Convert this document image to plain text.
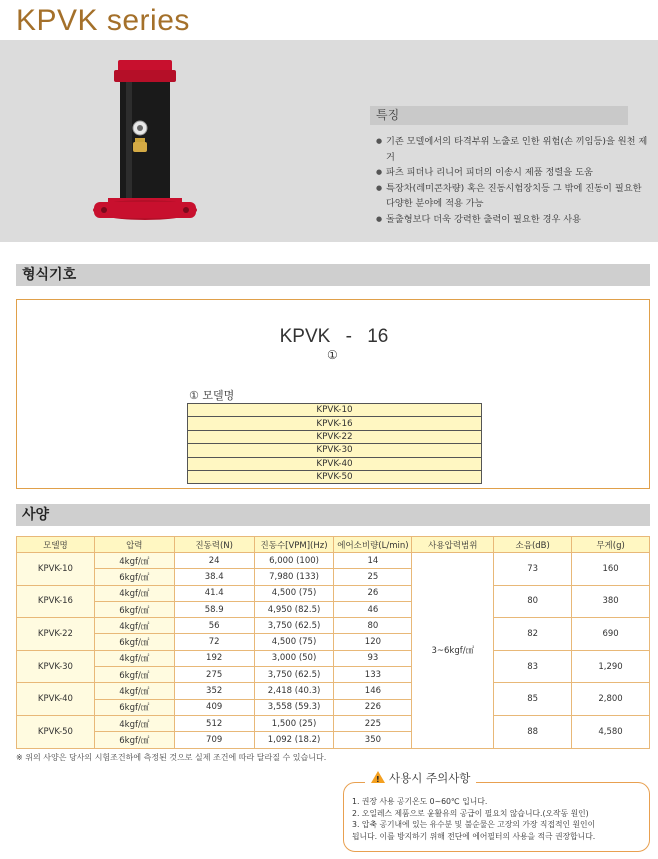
KPVK series
특징
● 기존 모델에서의 타격부위 노출로 인한 위험(손 끼임등)을 원천 제거
● 파츠 피더나 리니어 피더의 이송시 제품 정렬을 도움
● 특장차(레미콘차량) 혹은 진동시험장치등 그 밖에 진동이 필요한 다양한 분야에 적용 가능
● 돌출형보다 더욱 강력한 출력이 필요한 경우 사용
형식기호
KPVK - 16
①
① 모델명
KPVK-10
KPVK-16
KPVK-22
KPVK-30
KPVK-40
KPVK-50
사양
모델명	압력	진동력(N)	진동수[VPM](Hz)	에어소비량(L/min)	사용압력범위	소음(dB)	무게(g)
KPVK-10	4kgf/㎠	24	6,000 (100)	14	3~6kgf/㎠	73	160
	6kgf/㎠	38.4	7,980 (133)	25			
KPVK-16	4kgf/㎠	41.4	4,500 (75)	26		80	380
	6kgf/㎠	58.9	4,950 (82.5)	46			
KPVK-22	4kgf/㎠	56	3,750 (62.5)	80		82	690
	6kgf/㎠	72	4,500 (75)	120			
KPVK-30	4kgf/㎠	192	3,000 (50)	93		83	1,290
	6kgf/㎠	275	3,750 (62.5)	133			
KPVK-40	4kgf/㎠	352	2,418 (40.3)	146		85	2,800
	6kgf/㎠	409	3,558 (59.3)	226			
KPVK-50	4kgf/㎠	512	1,500 (25)	225		88	4,580
	6kgf/㎠	709	1,092 (18.2)	350			
※ 위의 사양은 당사의 시험조건하에 측정된 것으로 실제 조건에 따라 달라질 수 있습니다.
!사용시 주의사항
1. 권장 사용 공기온도 0~60℃ 입니다.
2. 오일레스 제품으로 윤활유의 공급이 필요치 않습니다.(오작동 원인)
3. 압축 공기내에 있는 유수분 및 불순물은 고장의 가장 직접적인 원인이
됩니다. 이를 방지하기 위해 전단에 에어필터의 사용을 적극 권장합니다.
